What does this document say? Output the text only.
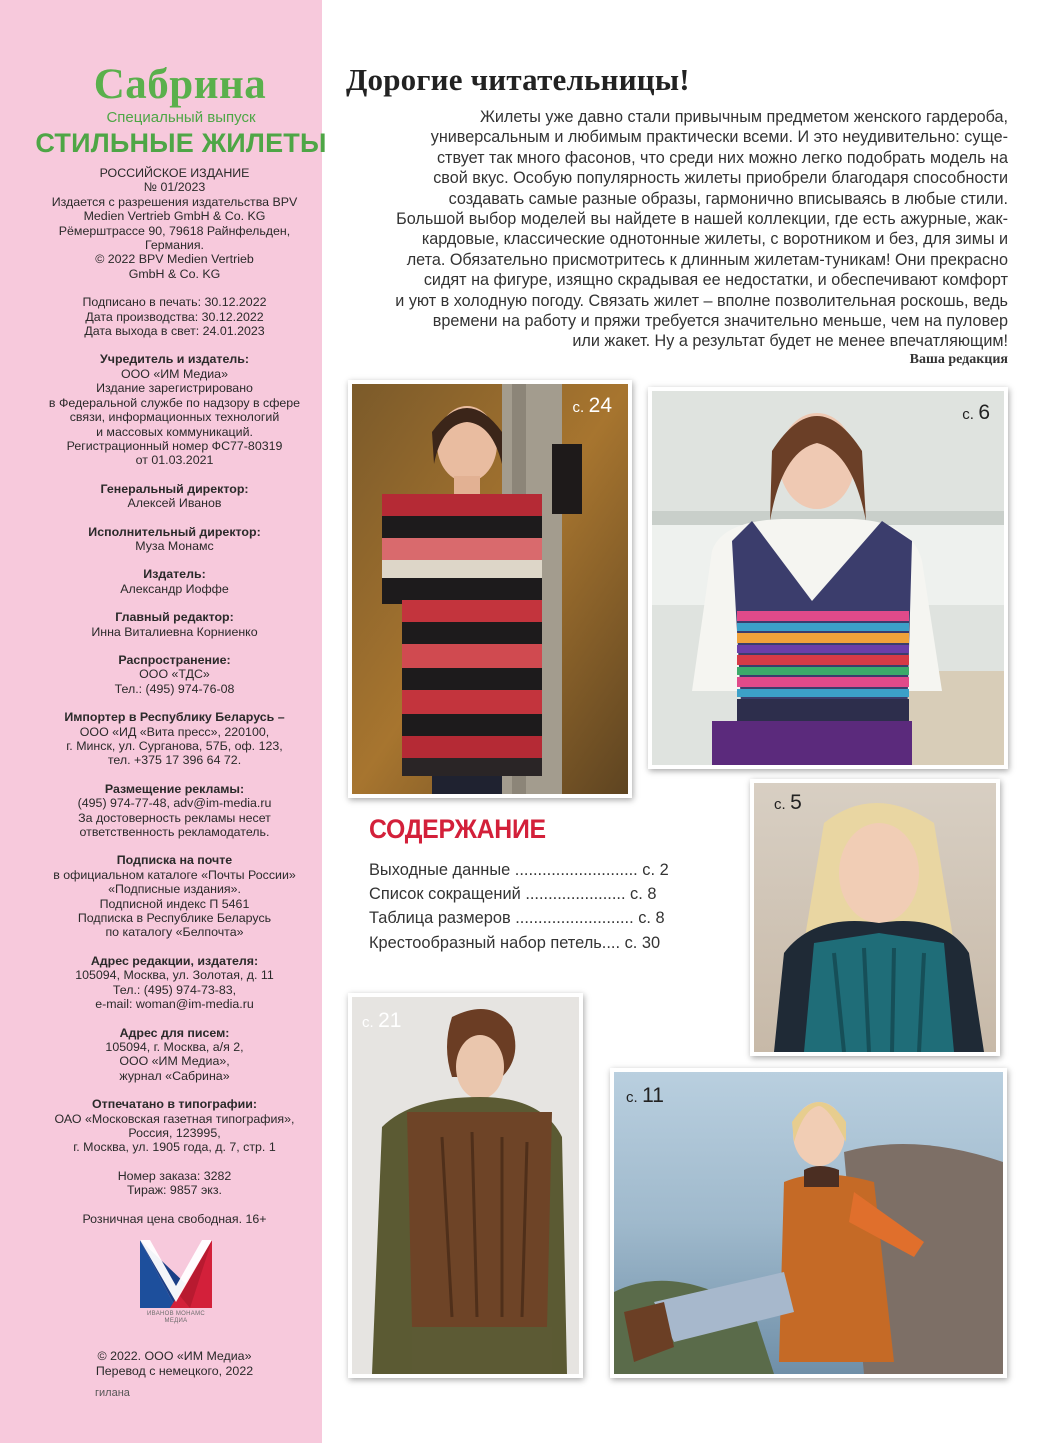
Сабрина
Специальный выпуск
СТИЛЬНЫЕ ЖИЛЕТЫ
РОССИЙСКОЕ ИЗДАНИЕ
№ 01/2023
Издается с разрешения издательства BPV
Medien Vertrieb GmbH & Co. KG
Рёмерштрассе 90, 79618 Райнфельден,
Германия.
© 2022 BPV Medien Vertrieb
GmbH & Co. KG
Подписано в печать: 30.12.2022
Дата производства: 30.12.2022
Дата выхода в свет: 24.01.2023
Учредитель и издатель:
ООО «ИМ Медиа»
Издание зарегистрировано
в Федеральной службе по надзору в сфере
связи, информационных технологий
и массовых коммуникаций.
Регистрационный номер ФС77-80319
от 01.03.2021
Генеральный директор:
Алексей Иванов
Исполнительный директор:
Муза Монамс
Издатель:
Александр Иоффе
Главный редактор:
Инна Виталиевна Корниенко
Распространение:
ООО «ТДС»
Тел.: (495) 974-76-08
Импортер в Республику Беларусь –
ООО «ИД «Вита пресс», 220100,
г. Минск, ул. Сурганова, 57Б, оф. 123,
тел. +375 17 396 64 72.
Размещение рекламы:
(495) 974-77-48, adv@im-media.ru
За достоверность рекламы несет
ответственность рекламодатель.
Подписка на почте
в официальном каталоге «Почты России»
«Подписные издания».
Подписной индекс П 5461
Подписка в Республике Беларусь
по каталогу «Белпочта»
Адрес редакции, издателя:
105094, Москва, ул. Золотая, д. 11
Тел.: (495) 974-73-83,
e-mail: woman@im-media.ru
Адрес для писем:
105094, г. Москва, а/я 2,
ООО «ИМ Медиа»,
журнал «Сабрина»
Отпечатано в типографии:
ОАО «Московская газетная типография»,
Россия, 123995,
г. Москва, ул. 1905 года, д. 7, стр. 1
Номер заказа: 3282
Тираж: 9857 экз.
Розничная цена свободная. 16+
ИВАНОВ МОНАМС
МЕДИА
© 2022. ООО «ИМ Медиа»
Перевод с немецкого, 2022
гилана
Дорогие читательницы!
Жилеты уже давно стали привычным предметом женского гардероба,
универсальным и любимым практически всеми. И это неудивительно: суще-
ствует так много фасонов, что среди них можно легко подобрать модель на
свой вкус. Особую популярность жилеты приобрели благодаря способности
создавать самые разные образы, гармонично вписываясь в любые стили.
Большой выбор моделей вы найдете в нашей коллекции, где есть ажурные, жак-
кардовые, классические однотонные жилеты, с воротником и без, для зимы и
лета. Обязательно присмотритесь к длинным жилетам-туникам! Они прекрасно
сидят на фигуре, изящно скрадывая ее недостатки, и обеспечивают комфорт
и уют в холодную погоду. Связать жилет – вполне позволительная роскошь, ведь
времени на работу и пряжи требуется значительно меньше, чем на пуловер
или жакет. Ну а результат будет не менее впечатляющим!
Ваша редакция
с. 24	с. 6
с. 5
с. 21
с. 11
СОДЕРЖАНИЕ
Выходные данные ........................... с. 2
Список сокращений ...................... с. 8
Таблица размеров .......................... с. 8
Крестообразный набор петель.... с. 30
